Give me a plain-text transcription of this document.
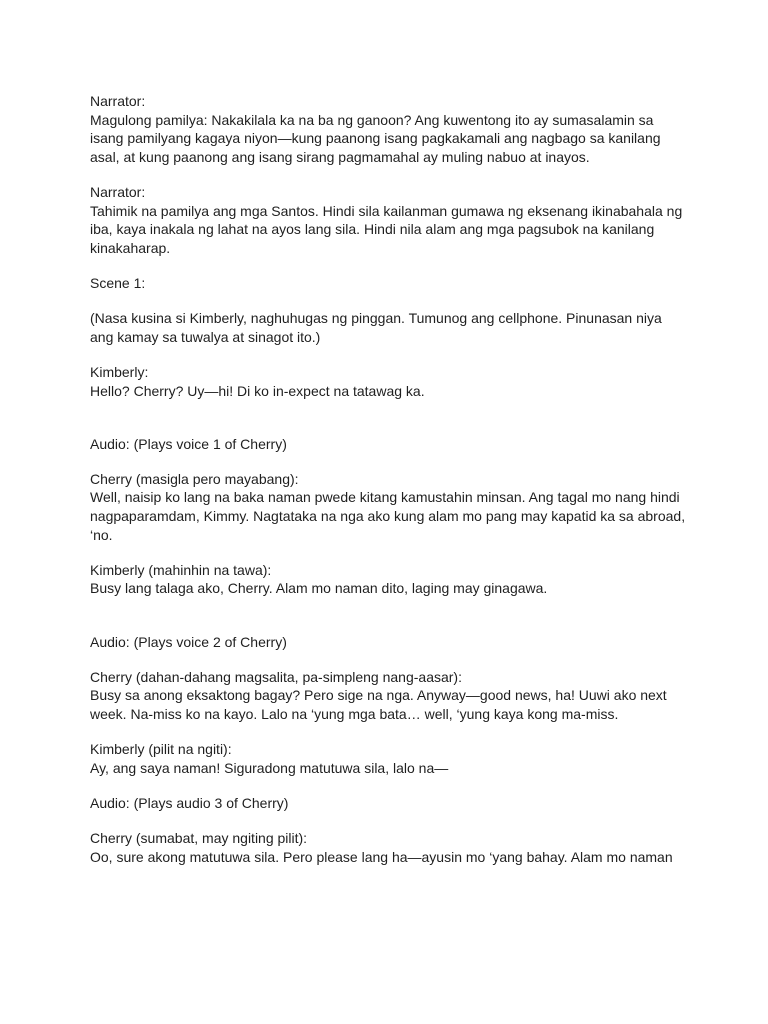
Narrator:
Magulong pamilya: Nakakilala ka na ba ng ganoon? Ang kuwentong ito ay sumasalamin sa
isang pamilyang kagaya niyon—kung paanong isang pagkakamali ang nagbago sa kanilang
asal, at kung paanong ang isang sirang pagmamahal ay muling nabuo at inayos.
Narrator:
Tahimik na pamilya ang mga Santos. Hindi sila kailanman gumawa ng eksenang ikinabahala ng
iba, kaya inakala ng lahat na ayos lang sila. Hindi nila alam ang mga pagsubok na kanilang
kinakaharap.
Scene 1:
(Nasa kusina si Kimberly, naghuhugas ng pinggan. Tumunog ang cellphone. Pinunasan niya
ang kamay sa tuwalya at sinagot ito.)
Kimberly:
Hello? Cherry? Uy—hi! Di ko in-expect na tatawag ka.
Audio: (Plays voice 1 of Cherry)
Cherry (masigla pero mayabang):
Well, naisip ko lang na baka naman pwede kitang kamustahin minsan. Ang tagal mo nang hindi
nagpaparamdam, Kimmy. Nagtataka na nga ako kung alam mo pang may kapatid ka sa abroad,
‘no.
Kimberly (mahinhin na tawa):
Busy lang talaga ako, Cherry. Alam mo naman dito, laging may ginagawa.
Audio: (Plays voice 2 of Cherry)
Cherry (dahan-dahang magsalita, pa-simpleng nang-aasar):
Busy sa anong eksaktong bagay? Pero sige na nga. Anyway—good news, ha! Uuwi ako next
week. Na-miss ko na kayo. Lalo na ‘yung mga bata… well, ‘yung kaya kong ma-miss.
Kimberly (pilit na ngiti):
Ay, ang saya naman! Siguradong matutuwa sila, lalo na—
Audio: (Plays audio 3 of Cherry)
Cherry (sumabat, may ngiting pilit):
Oo, sure akong matutuwa sila. Pero please lang ha—ayusin mo ‘yang bahay. Alam mo naman
